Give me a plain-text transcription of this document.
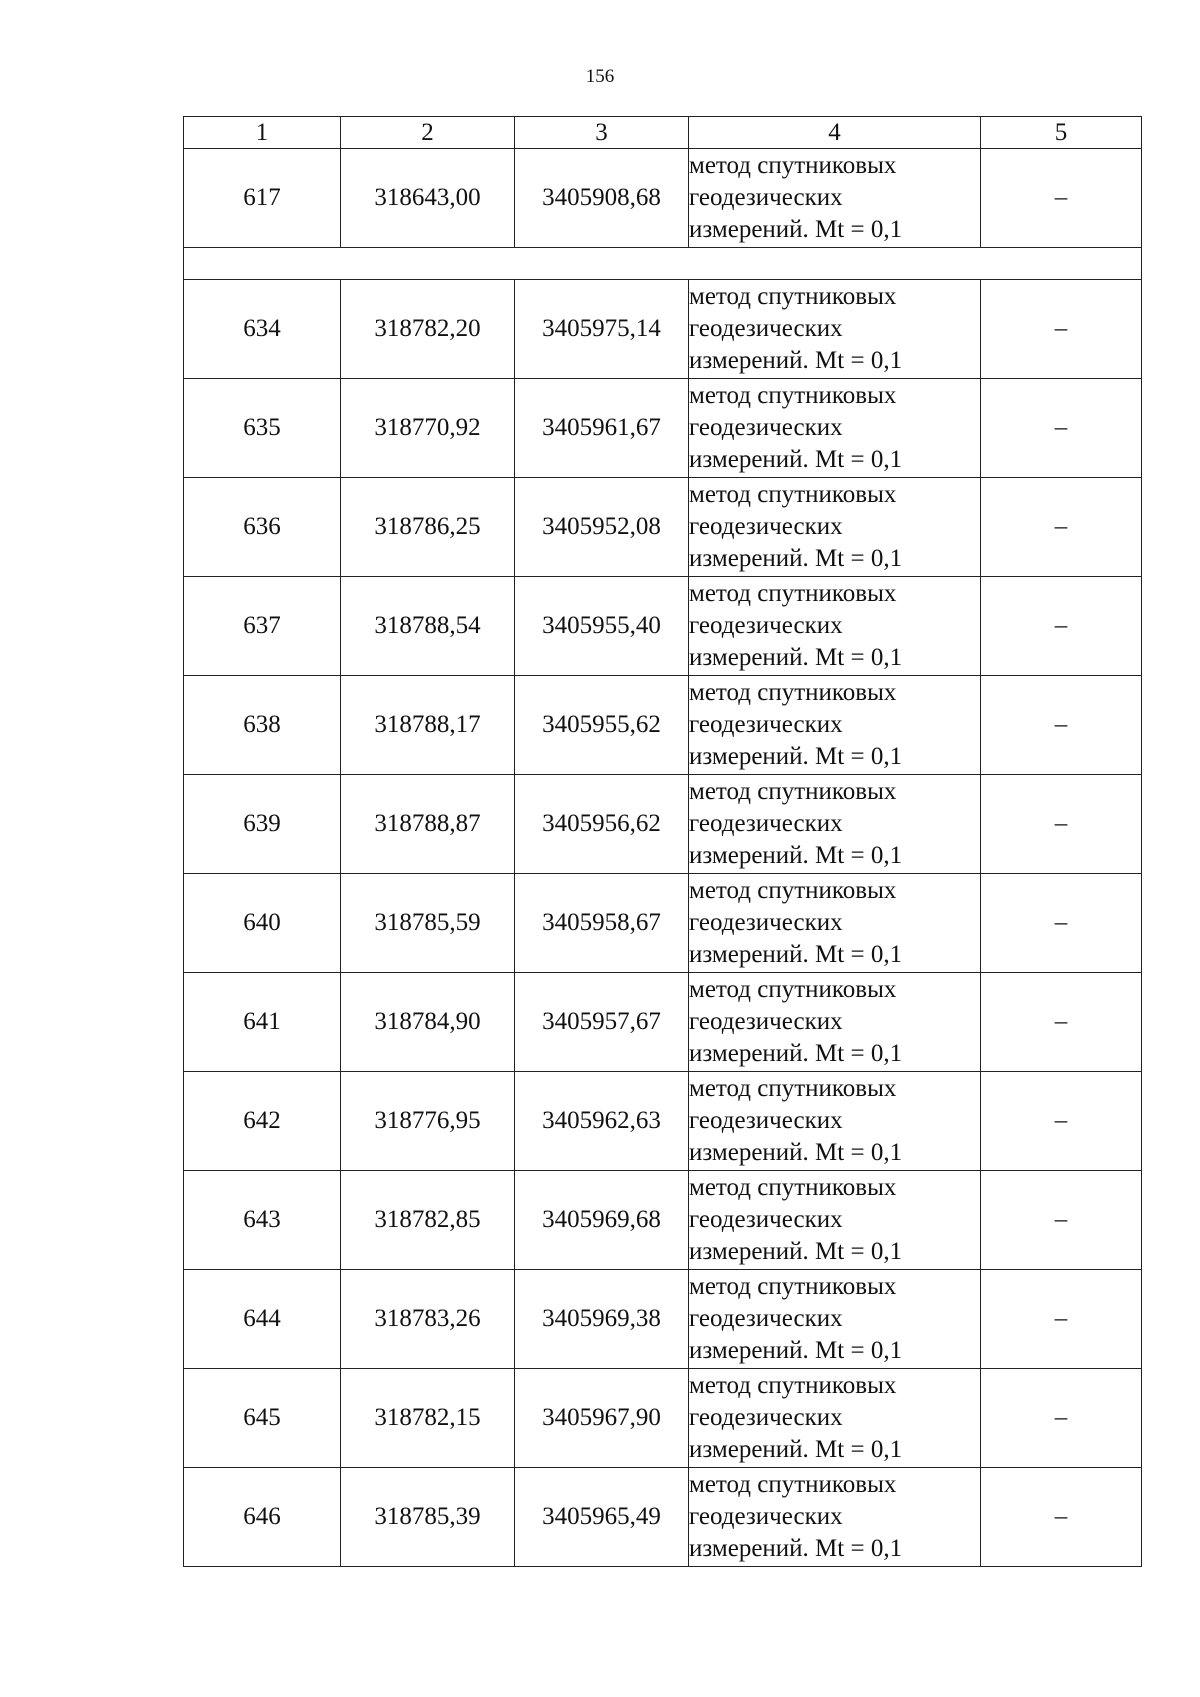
156
1	2	3	4	5
617	318643,00	3405908,68	метод спутниковых
геодезических
измерений. Mt = 0,1	–

634	318782,20	3405975,14	метод спутниковых
геодезических
измерений. Mt = 0,1	–
635	318770,92	3405961,67	метод спутниковых
геодезических
измерений. Mt = 0,1	–
636	318786,25	3405952,08	метод спутниковых
геодезических
измерений. Mt = 0,1	–
637	318788,54	3405955,40	метод спутниковых
геодезических
измерений. Mt = 0,1	–
638	318788,17	3405955,62	метод спутниковых
геодезических
измерений. Mt = 0,1	–
639	318788,87	3405956,62	метод спутниковых
геодезических
измерений. Mt = 0,1	–
640	318785,59	3405958,67	метод спутниковых
геодезических
измерений. Mt = 0,1	–
641	318784,90	3405957,67	метод спутниковых
геодезических
измерений. Mt = 0,1	–
642	318776,95	3405962,63	метод спутниковых
геодезических
измерений. Mt = 0,1	–
643	318782,85	3405969,68	метод спутниковых
геодезических
измерений. Mt = 0,1	–
644	318783,26	3405969,38	метод спутниковых
геодезических
измерений. Mt = 0,1	–
645	318782,15	3405967,90	метод спутниковых
геодезических
измерений. Mt = 0,1	–
646	318785,39	3405965,49	метод спутниковых
геодезических
измерений. Mt = 0,1	–
